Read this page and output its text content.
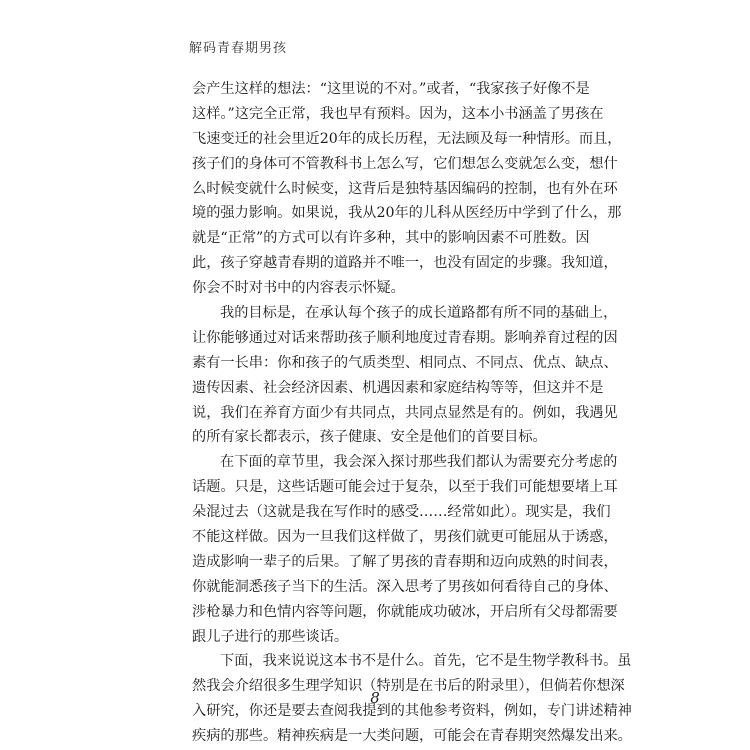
解码青春期男孩
会产生这样的想法：“这里说的不对。”或者，“我家孩子好像不是
这样。”这完全正常，我也早有预料。因为，这本小书涵盖了男孩在
飞速变迁的社会里近20年的成长历程，无法顾及每一种情形。而且，
孩子们的身体可不管教科书上怎么写，它们想怎么变就怎么变，想什
么时候变就什么时候变，这背后是独特基因编码的控制，也有外在环
境的强力影响。如果说，我从20年的儿科从医经历中学到了什么，那
就是“正常”的方式可以有许多种，其中的影响因素不可胜数。因
此，孩子穿越青春期的道路并不唯一，也没有固定的步骤。我知道，
你会不时对书中的内容表示怀疑。
我的目标是，在承认每个孩子的成长道路都有所不同的基础上，
让你能够通过对话来帮助孩子顺利地度过青春期。影响养育过程的因
素有一长串：你和孩子的气质类型、相同点、不同点、优点、缺点、
遗传因素、社会经济因素、机遇因素和家庭结构等等，但这并不是
说，我们在养育方面少有共同点，共同点显然是有的。例如，我遇见
的所有家长都表示，孩子健康、安全是他们的首要目标。
在下面的章节里，我会深入探讨那些我们都认为需要充分考虑的
话题。只是，这些话题可能会过于复杂，以至于我们可能想要堵上耳
朵混过去（这就是我在写作时的感受……经常如此）。现实是，我们
不能这样做。因为一旦我们这样做了，男孩们就更可能屈从于诱惑，
造成影响一辈子的后果。了解了男孩的青春期和迈向成熟的时间表，
你就能洞悉孩子当下的生活。深入思考了男孩如何看待自己的身体、
涉枪暴力和色情内容等问题，你就能成功破冰，开启所有父母都需要
跟儿子进行的那些谈话。
下面，我来说说这本书不是什么。首先，它不是生物学教科书。虽
然我会介绍很多生理学知识（特别是在书后的附录里），但倘若你想深
入研究，你还是要去查阅我提到的其他参考资料，例如，专门讲述精神
疾病的那些。精神疾病是一大类问题，可能会在青春期突然爆发出来。
8
